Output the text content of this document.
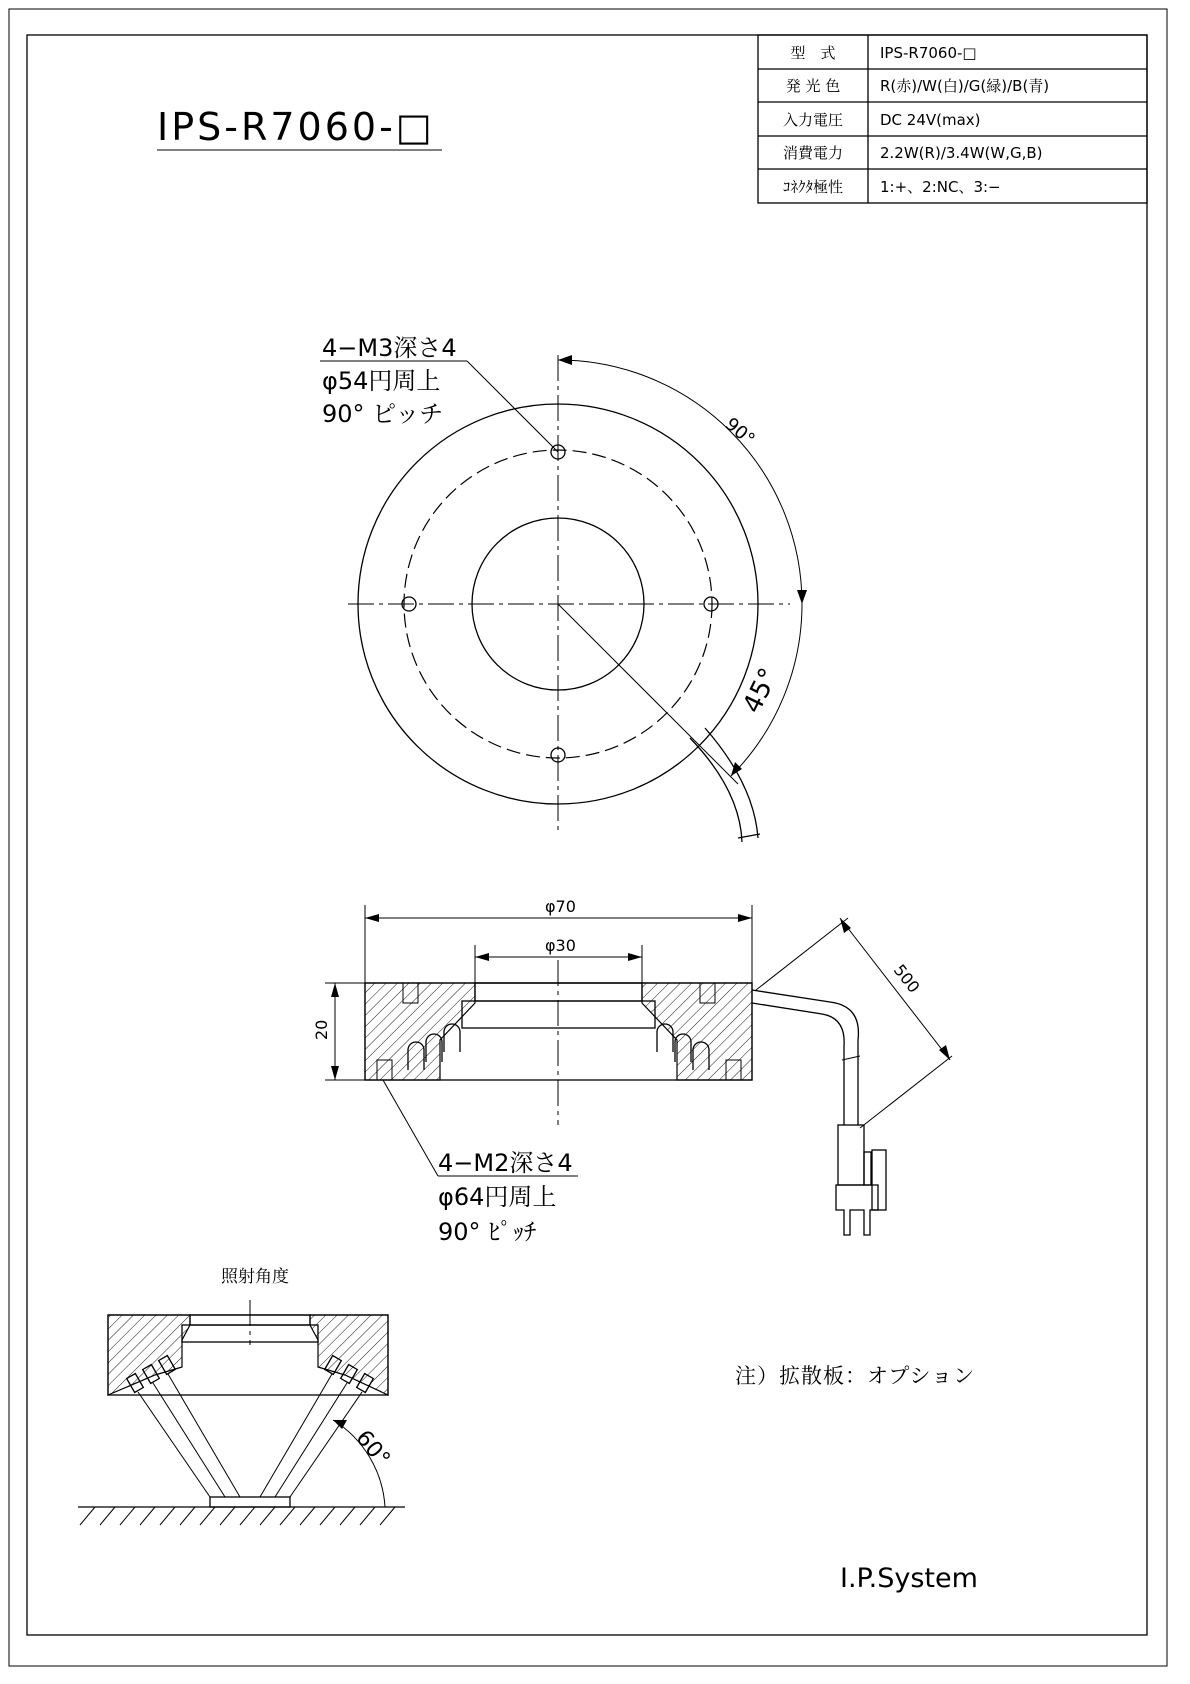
IPS-R7060-□
型　式	IPS-R7060-□
発 光 色	R(赤)/W(白)/G(緑)/B(青)
入力電圧 DC 24V(max)
消費電力 2.2W(R)/3.4W(W,G,B)
ｺﾈｸﾀ極性 1:+、2:NC、3:−
90°
45°
4−M3深さ4
φ54円周上
90° ピッチ
φ70
φ30
20
500
4−M2深さ4
φ64円周上
90° ﾋﾟｯﾁ
照射角度
60°
注）拡散板：オプション
I.P.System
